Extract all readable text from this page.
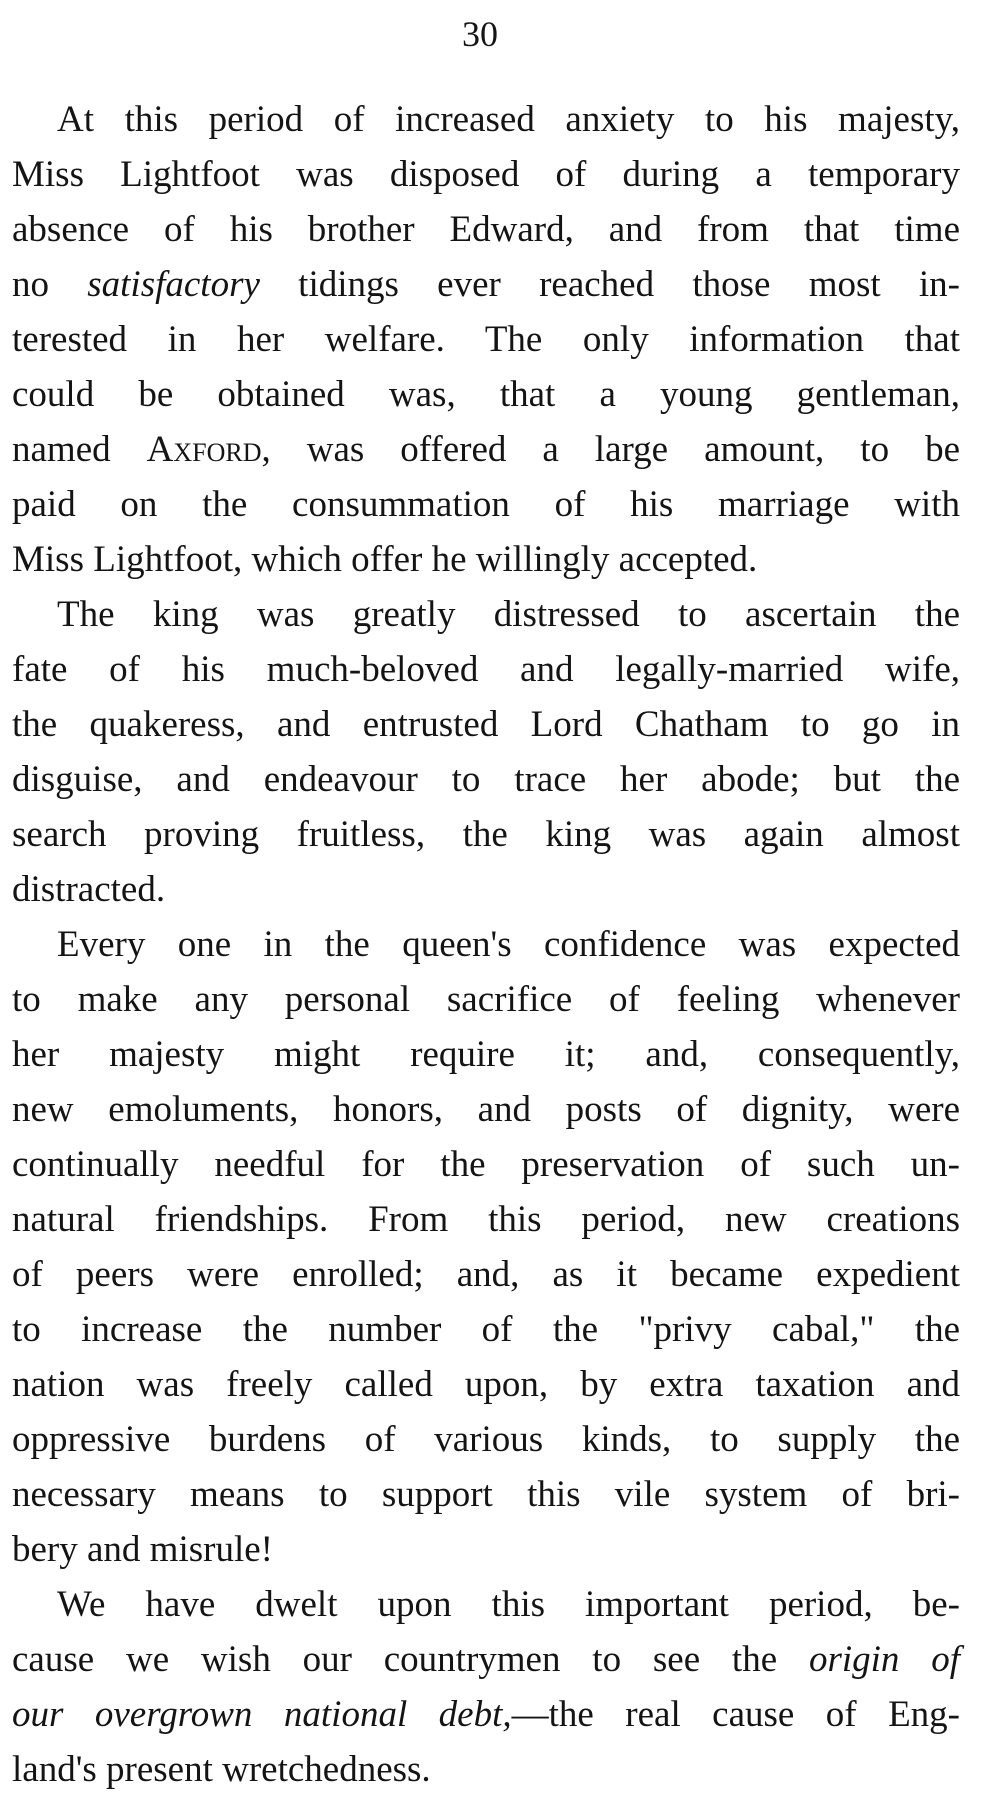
30

At this period of increased anxiety to his majesty,
Miss Lightfoot was disposed of during a temporary
absence of his brother Edward, and from that time
no satisfactory tidings ever reached those most in-
terested in her welfare. The only information that
could be obtained was, that a young gentleman,
named Axford, was offered a large amount, to be
paid on the consummation of his marriage with
Miss Lightfoot, which offer he willingly accepted.

The king was greatly distressed to ascertain the
fate of his much-beloved and legally-married wife,
the quakeress, and entrusted Lord Chatham to go in
disguise, and endeavour to trace her abode; but the
search proving fruitless, the king was again almost
distracted.

Every one in the queen's confidence was expected
to make any personal sacrifice of feeling whenever
her majesty might require it; and, consequently,
new emoluments, honors, and posts of dignity, were
continually needful for the preservation of such un-
natural friendships. From this period, new creations
of peers were enrolled; and, as it became expedient
to increase the number of the "privy cabal," the
nation was freely called upon, by extra taxation and
oppressive burdens of various kinds, to supply the
necessary means to support this vile system of bri-
bery and misrule!

We have dwelt upon this important period, be-
cause we wish our countrymen to see the origin of
our overgrown national debt,—the real cause of Eng-
land's present wretchedness.
